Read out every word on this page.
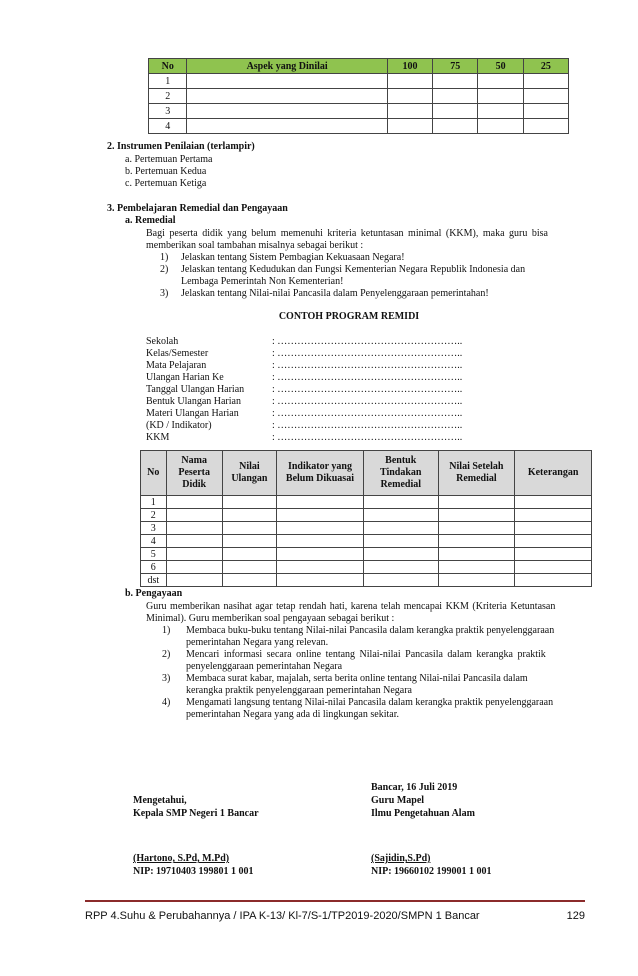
No	Aspek yang Dinilai	100	75	50	25
1					
2					
3					
4					
2. Instrumen Penilaian (terlampir)
a. Pertemuan Pertama
b. Pertemuan Kedua
c. Pertemuan Ketiga
3. Pembelajaran Remedial dan Pengayaan
a. Remedial
Bagi peserta didik yang belum memenuhi kriteria ketuntasan minimal (KKM), maka guru bisa
memberikan soal tambahan misalnya sebagai berikut :
1) Jelaskan tentang Sistem Pembagian Kekuasaan Negara!
2) Jelaskan tentang Kedudukan dan Fungsi Kementerian Negara Republik Indonesia dan
Lembaga Pemerintah Non Kementerian!
3) Jelaskan tentang Nilai-nilai Pancasila dalam Penyelenggaraan pemerintahan!
CONTOH PROGRAM REMIDI
Sekolah	: ………………………………………………..
Kelas/Semester	: ………………………………………………..
Mata Pelajaran	: ………………………………………………..
Ulangan Harian Ke	: ………………………………………………..
Tanggal Ulangan Harian	: ………………………………………………..
Bentuk Ulangan Harian	: ………………………………………………..
Materi Ulangan Harian	: ………………………………………………..
(KD / Indikator)	: ………………………………………………..
KKM	: ………………………………………………..
No	Nama Peserta Didik	Nilai Ulangan	Indikator yang Belum Dikuasai	Bentuk Tindakan Remedial	Nilai Setelah Remedial	Keterangan
1						
2						
3						
4						
5						
6						
dst						
b. Pengayaan
Guru memberikan nasihat agar tetap rendah hati, karena telah mencapai KKM (Kriteria Ketuntasan
Minimal). Guru memberikan soal pengayaan sebagai berikut :
1) Membaca buku-buku tentang Nilai-nilai Pancasila dalam kerangka praktik penyelenggaraan
pemerintahan Negara yang relevan.
2) Mencari informasi secara online tentang Nilai-nilai Pancasila dalam kerangka praktik
penyelenggaraan pemerintahan Negara
3) Membaca surat kabar, majalah, serta berita online tentang Nilai-nilai Pancasila dalam
kerangka praktik penyelenggaraan pemerintahan Negara
4) Mengamati langsung tentang Nilai-nilai Pancasila dalam kerangka praktik penyelenggaraan
pemerintahan Negara yang ada di lingkungan sekitar.
Bancar, 16 Juli 2019
Mengetahui,	Guru Mapel
Kepala SMP Negeri 1 Bancar	Ilmu Pengetahuan Alam
(Hartono, S.Pd, M.Pd)	(Sajidin,S.Pd)
NIP: 19710403 199801 1 001	NIP: 19660102 199001 1 001
RPP 4.Suhu & Perubahannya / IPA K-13/ Kl-7/S-1/TP2019-2020/SMPN 1 Bancar	129
